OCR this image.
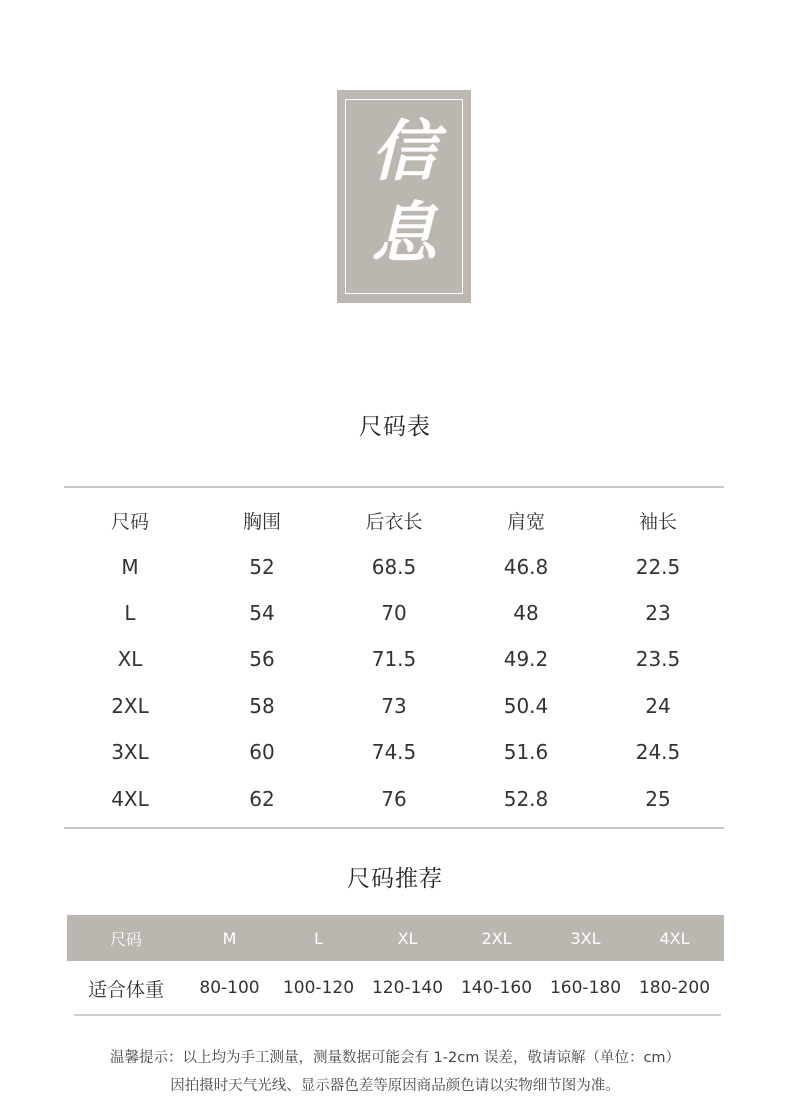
信
息
尺码表
尺码	胸围	后衣长	肩宽	袖长
M	52	68.5	46.8	22.5
L	54	70	48	23
XL	56	71.5	49.2	23.5
2XL	58	73	50.4	24
3XL	60	74.5	51.6	24.5
4XL	62	76	52.8	25
尺码推荐
尺码	M	L	XL	2XL	3XL	4XL
适合体重	80-100	100-120	120-140	140-160	160-180	180-200
温馨提示：以上均为手工测量，测量数据可能会有 1-2cm 误差，敬请谅解（单位：cm）
因拍摄时天气光线、显示器色差等原因商品颜色请以实物细节图为准。
